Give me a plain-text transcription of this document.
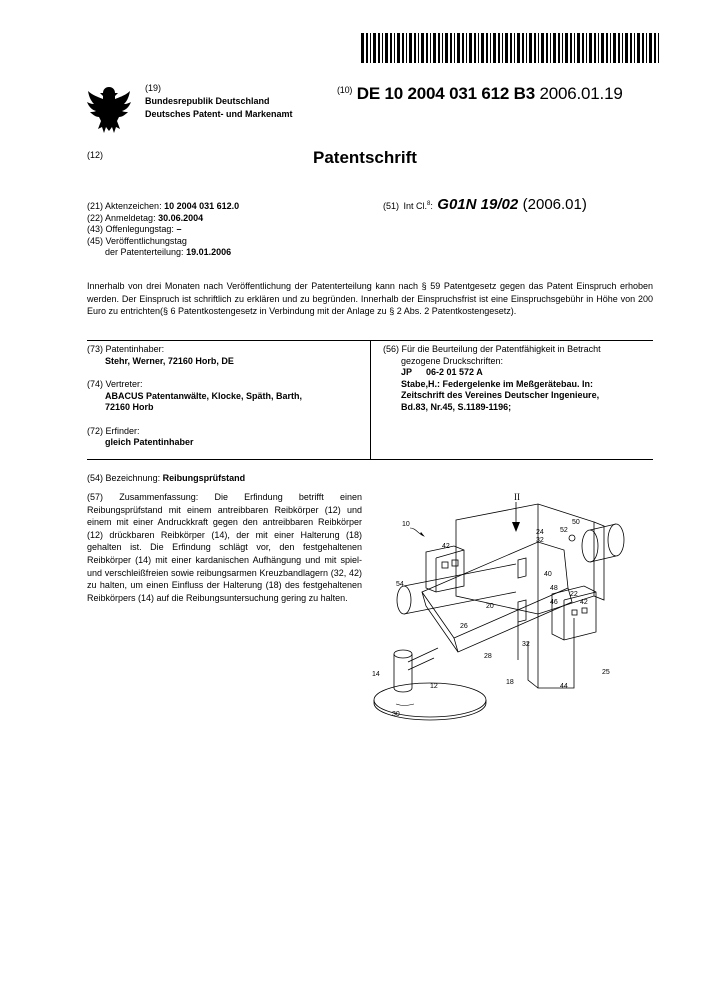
(19)
Bundesrepublik Deutschland
Deutsches Patent- und Markenamt
$^{(10)}$ DE 10 2004 031 612 B3 2006.01.19
(12)	Patentschrift
(21) Aktenzeichen: 10 2004 031 612.0
(22) Anmeldetag: 30.06.2004
(43) Offenlegungstag: –
(45) Veröffentlichungstag
der Patenterteilung: 19.01.2006
(51) Int Cl.$^8$: G01N 19/02 (2006.01)
Innerhalb von drei Monaten nach Veröffentlichung der Patenterteilung kann nach § 59 Patentgesetz gegen das Patent Einspruch erhoben werden. Der Einspruch ist schriftlich zu erklären und zu begründen. Innerhalb der Einspruchsfrist ist eine Einspruchsgebühr in Höhe von 200 Euro zu entrichten(§ 6 Patentkostengesetz in Verbindung mit der Anlage zu § 2 Abs. 2 Patentkostengesetz).
(73) Patentinhaber:
Stehr, Werner, 72160 Horb, DE
(74) Vertreter:
ABACUS Patentanwälte, Klocke, Späth, Barth,
72160 Horb
(72) Erfinder:
gleich Patentinhaber
(56) Für die Beurteilung der Patentfähigkeit in Betracht
gezogene Druckschriften:
JP 06-2 01 572 A
Stabe,H.: Federgelenke im Meßgerätebau. In:
Zeitschrift des Vereines Deutscher Ingenieure,
Bd.83, Nr.45, S.1189-1196;
(54) Bezeichnung: Reibungsprüfstand
(57) Zusammenfassung: Die Erfindung betrifft einen Reibungsprüfstand mit einem antreibbaren Reibkörper (12) und einem mit einer Andruckkraft gegen den antreibbaren Reibkörper (12) drückbaren Reibkörper (14), der mit einer Halterung (18) gehalten ist. Die Erfindung schlägt vor, den festgehaltenen Reibkörper (14) mit einer kardanischen Aufhängung und mit spiel- und verschleißfreien sowie reibungsarmen Kreuzbandlagern (32, 42) zu halten, um einen Einfluss der Halterung (18) des festgehaltenen Reibkörpers (14) auf die Reibungsuntersuchung gering zu halten.
II
10
12
14
18
20
22
24
25
26
28
30
32
32
40
42
42
44
46
48
50
52
54
